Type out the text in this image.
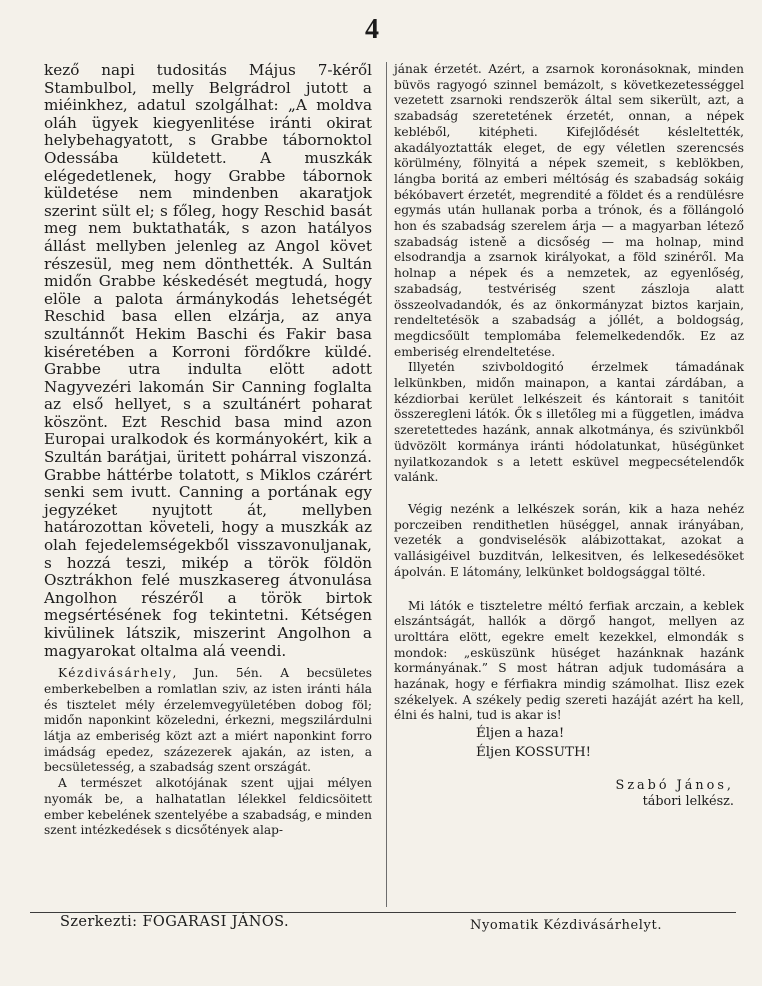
4

kező napi tudositás Május 7-kéről Stambulbol, melly Belgrádrol jutott a miéinkhez, adatul szolgálhat: „A moldva oláh ügyek kiegyenlitése iránti okirat helybehagyatott, s Grabbe tábornoktol Odessába küldetett. A muszkák elégedetlenek, hogy Grabbe tábornok küldetése nem mindenben akaratjok szerint sült el; s főleg, hogy Reschid basát meg nem buktathaták, s azon hatályos állást mellyben jelenleg az Angol követ részesül, meg nem dönthették. A Sultán midőn Grabbe késkedését megtudá, hogy elöle a palota ármánykodás lehetségét Reschid basa ellen elzárja, az anya szultánnőt Hekim Baschi és Fakir basa kiséretében a Korroni fördőkre küldé. Grabbe utra indulta elött adott Nagyvezéri lakomán Sir Canning foglalta az első hellyet, s a szultánért poharat köszönt. Ezt Reschid basa mind azon Europai uralkodok és kormányokért, kik a Szultán barátjai, üritett pohárral viszonzá. Grabbe háttérbe tolatott, s Miklos czárért senki sem ivutt. Canning a portának egy jegyzéket nyujtott át, mellyben határozottan követeli, hogy a muszkák az olah fejedelemségekből visszavonuljanak, s hozzá teszi, mikép a török földön Osztrákhon felé muszkasereg átvonulása Angolhon részéről a török birtok megsértésének fog tekintetni. Kétségen kivülinek látszik, miszerint Angolhon a magyarokat oltalma alá veendi.

Kézdivásárhely, Jun. 5én. A becsületes emberkebelben a romlatlan sziv, az isten iránti hála és tisztelet mély érzelemvegyületében dobog föl; midőn naponkint közeledni, érkezni, megszilárdulni látja az emberiség közt azt a miért naponkint forro imádság epedez, százezerek ajakán, az isten, a becsületesség, a szabadság szent országát.

A természet alkotójának szent ujjai mélyen nyomák be, a halhatatlan lélekkel feldicsöitett ember kebelének szentelyébe a szabadság, e minden szent intézkedések s dicsőtények alap-

jának érzetét. Azért, a zsarnok koronásoknak, minden büvös ragyogó szinnel bemázolt, s következetességgel vezetett zsarnoki rendszerök által sem sikerült, azt, a szabadság szeretetének érzetét, onnan, a népek kebléből, kitépheti. Kifejlődését késleltették, akadályoztatták eleget, de egy véletlen szerencsés körülmény, fölnyitá a népek szemeit, s keblökben, lángba boritá az emberi méltóság és szabadság sokáig békóbavert érzetét, megrendité a földet és a rendülésre egymás után hullanak porba a trónok, és a föllángoló hon és szabadság szerelem árja — a magyarban létező szabadság isteně a dicsőség — ma holnap, mind elsodrandja a zsarnok királyokat, a föld szinéről. Ma holnap a népek és a nemzetek, az egyenlőség, szabadság, testvériség szent zászloja alatt összeolvadandók, és az önkormányzat biztos karjain, rendeltetésök a szabadság a jóllét, a boldogság, megdicsőült templomába felemelkedendők. Ez az emberiség elrendeltetése.

Illyetén szivboldogitó érzelmek támadának lelkünkben, midőn mainapon, a kantai zárdában, a kézdiorbai kerület lelkészeit és kántorait s tanitóit összeregleni látók. Ők s illetőleg mi a független, imádva szeretettedes hazánk, annak alkotmánya, és szivünkből üdvözölt kormánya iránti hódolatunkat, hüségünket nyilatkozandok s a letett esküvel megpecsételendők valánk.

Végig nezénk a lelkészek során, kik a haza nehéz porczeiben rendithetlen hüséggel, annak irányában, vezeték a gondviselésök alábizottakat, azokat a vallásigéivel buzditván, lelkesitven, és lelkesedésöket ápolván. E látomány, lelkünket boldogsággal tölté.

Mi látók e tiszteletre méltó ferfiak arczain, a keblek elszántságát, hallók a dörgő hangot, mellyen az urolttára elött, egekre emelt kezekkel, elmondák s mondok: „esküszünk hüséget hazánknak hazánk kormányának.” S most hátran adjuk tudomására a hazának, hogy e férfiakra mindig számolhat. Ilisz ezek székelyek. A székely pedig szereti hazáját azért ha kell, élni és halni, tud is akar is!

Éljen a haza!

Éljen KOSSUTH!

Szabó János,

tábori lelkész.

Szerkezti: FOGARASI JÁNOS.	Nyomatik Kézdivásárhelyt.
